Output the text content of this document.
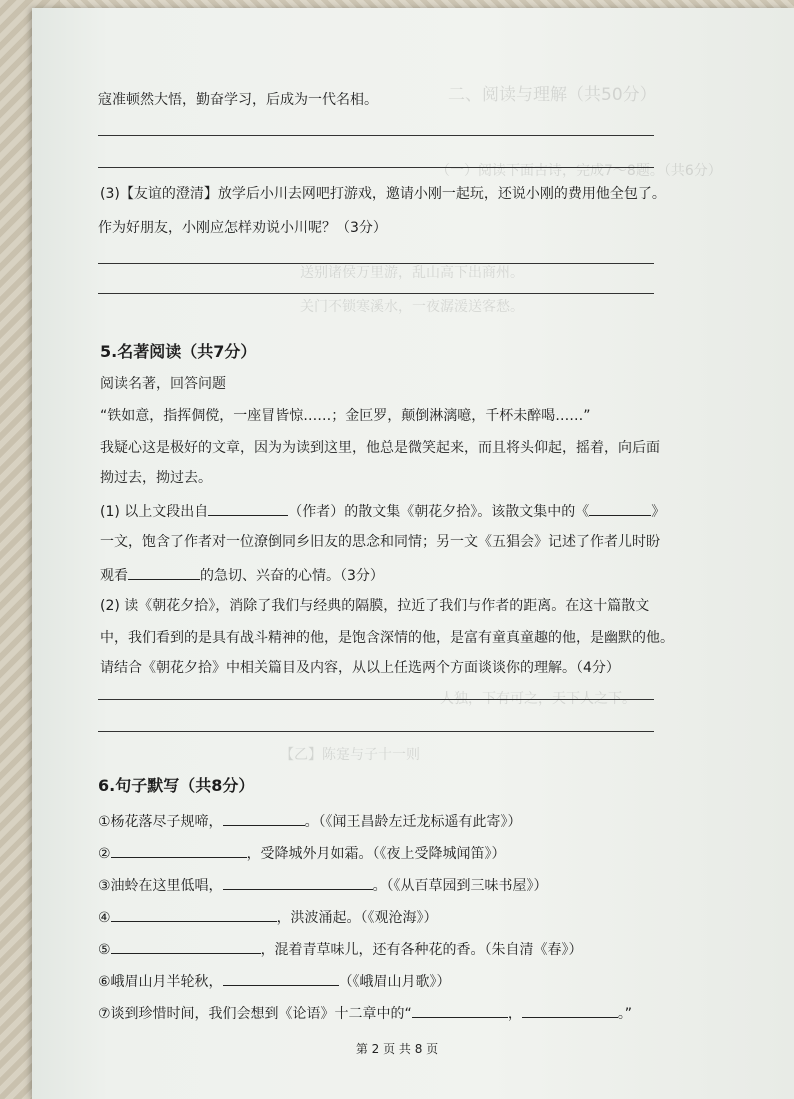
二、阅读与理解（共50分）
（一）阅读下面古诗，完成7～8题。（共6分）
送别诸侯万里游，乱山高下出商州。
关门不锁寒溪水，一夜潺湲送客愁。
人独，下有可之，天下人之下。
【乙】陈寔与子十一则
寇准顿然大悟，勤奋学习，后成为一代名相。
(3)【友谊的澄清】放学后小川去网吧打游戏，邀请小刚一起玩，还说小刚的费用他全包了。
作为好朋友，小刚应怎样劝说小川呢？（3分）
5.名著阅读（共7分）
阅读名著，回答问题
“铁如意，指挥倜傥，一座冒皆惊……；金叵罗，颠倒淋漓噫，千杯未醉喝……”
我疑心这是极好的文章，因为为读到这里，他总是微笑起来，而且将头仰起，摇着，向后面
拗过去，拗过去。
(1) 以上文段出自	（作者）的散文集《朝花夕拾》。该散文集中的《	》
一文，饱含了作者对一位潦倒同乡旧友的思念和同情；另一文《五猖会》记述了作者儿时盼
观看	的急切、兴奋的心情。（3分）
(2) 读《朝花夕拾》，消除了我们与经典的隔膜，拉近了我们与作者的距离。在这十篇散文
中，我们看到的是具有战斗精神的他，是饱含深情的他，是富有童真童趣的他，是幽默的他。
请结合《朝花夕拾》中相关篇目及内容，从以上任选两个方面谈谈你的理解。（4分）
6.句子默写（共8分）
①杨花落尽子规啼，	。（《闻王昌龄左迁龙标遥有此寄》）
②	，受降城外月如霜。（《夜上受降城闻笛》）
③油蛉在这里低唱，	。（《从百草园到三味书屋》）
④	，洪波涌起。（《观沧海》）
⑤	，混着青草味儿，还有各种花的香。（朱自清《春》）
⑥峨眉山月半轮秋，	（《峨眉山月歌》）
⑦谈到珍惜时间，我们会想到《论语》十二章中的“	，	。”
第 2 页 共 8 页
